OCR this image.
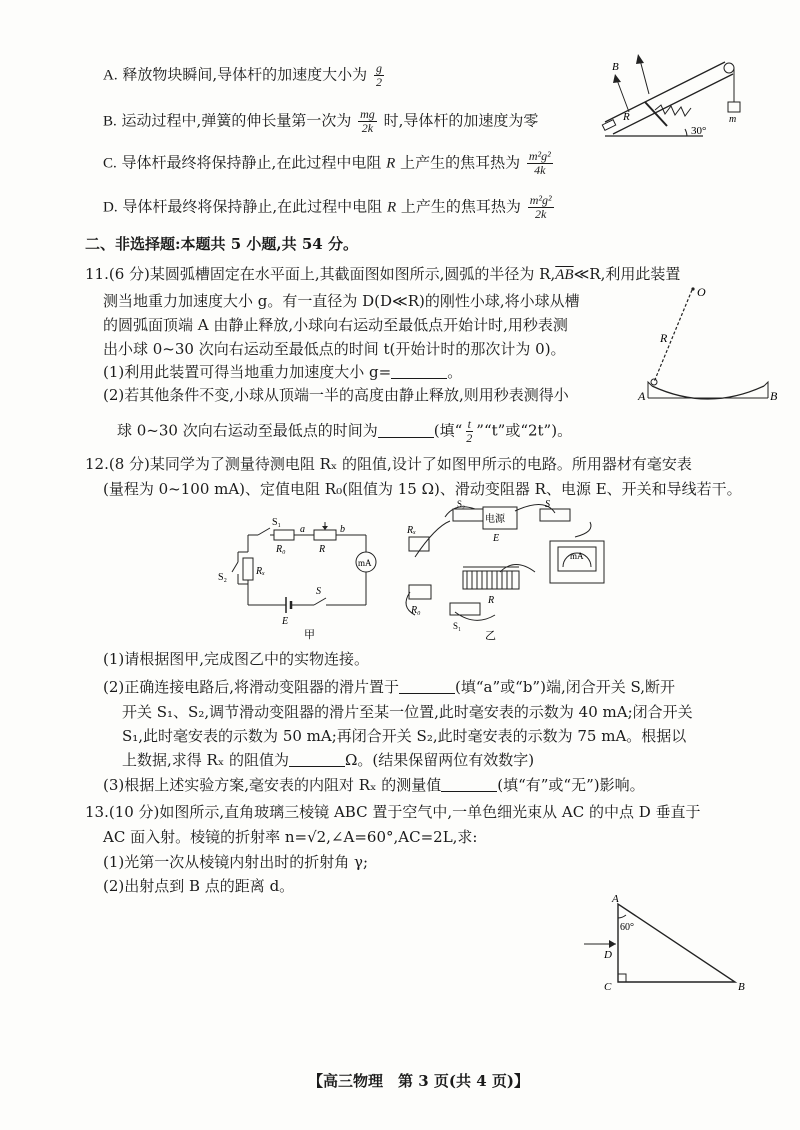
A. 释放物块瞬间,导体杆的加速度大小为 $\frac{g}{2}$
B. 运动过程中,弹簧的伸长量第一次为 $\frac{mg}{2k}$ 时,导体杆的加速度为零
C. 导体杆最终将保持静止,在此过程中电阻 R 上产生的焦耳热为 $\frac{\text{m²g²}}{4k}$
D. 导体杆最终将保持静止,在此过程中电阻 R 上产生的焦耳热为 $\frac{\text{m²g²}}{2k}$
B
R
30°
m
二、非选择题:本题共 5 小题,共 54 分。
11.(6 分)某圆弧槽固定在水平面上,其截面图如图所示,圆弧的半径为 $R,\overline{AB}≪R$,利用此装置
测当地重力加速度大小 g。有一直径为 D(D≪R)的刚性小球,将小球从槽
的圆弧面顶端 A 由静止释放,小球向右运动至最低点开始计时,用秒表测
出小球 0~30 次向右运动至最低点的时间 t(开始计时的那次计为 0)。
(1)利用此装置可得当地重力加速度大小 g=	。
(2)若其他条件不变,小球从顶端一半的高度由静止释放,则用秒表测得小
球 0~30 次向右运动至最低点的时间为	(填“ $\frac{t}{2}$ ”“t”或“2t”)。
O
R
A	B
12.(8 分)某同学为了测量待测电阻 Rₓ 的阻值,设计了如图甲所示的电路。所用器材有毫安表
(量程为 0~100 mA)、定值电阻 R₀(阻值为 15 Ω)、滑动变阻器 R、电源 E、开关和导线若干。
S₁
a	b
R₀	R
mA
S₂
Rₓ
S
E
甲
S₂
电源
E
S
Rₓ
mA
R
R₀
S₁
乙
(1)请根据图甲,完成图乙中的实物连接。
(2)正确连接电路后,将滑动变阻器的滑片置于	(填“a”或“b”)端,闭合开关 S,断开
开关 S₁、S₂,调节滑动变阻器的滑片至某一位置,此时毫安表的示数为 40 mA;闭合开关
S₁,此时毫安表的示数为 50 mA;再闭合开关 S₂,此时毫安表的示数为 75 mA。根据以
上数据,求得 Rₓ 的阻值为	Ω。(结果保留两位有效数字)
(3)根据上述实验方案,毫安表的内阻对 Rₓ 的测量值	(填“有”或“无”)影响。
13.(10 分)如图所示,直角玻璃三棱镜 ABC 置于空气中,一单色细光束从 AC 的中点 D 垂直于
AC 面入射。棱镜的折射率 n=√2,∠A=60°,AC=2L,求:
(1)光第一次从棱镜内射出时的折射角 γ;
(2)出射点到 B 点的距离 d。
A
60°
D
C	B
【高三物理　第 3 页(共 4 页)】
